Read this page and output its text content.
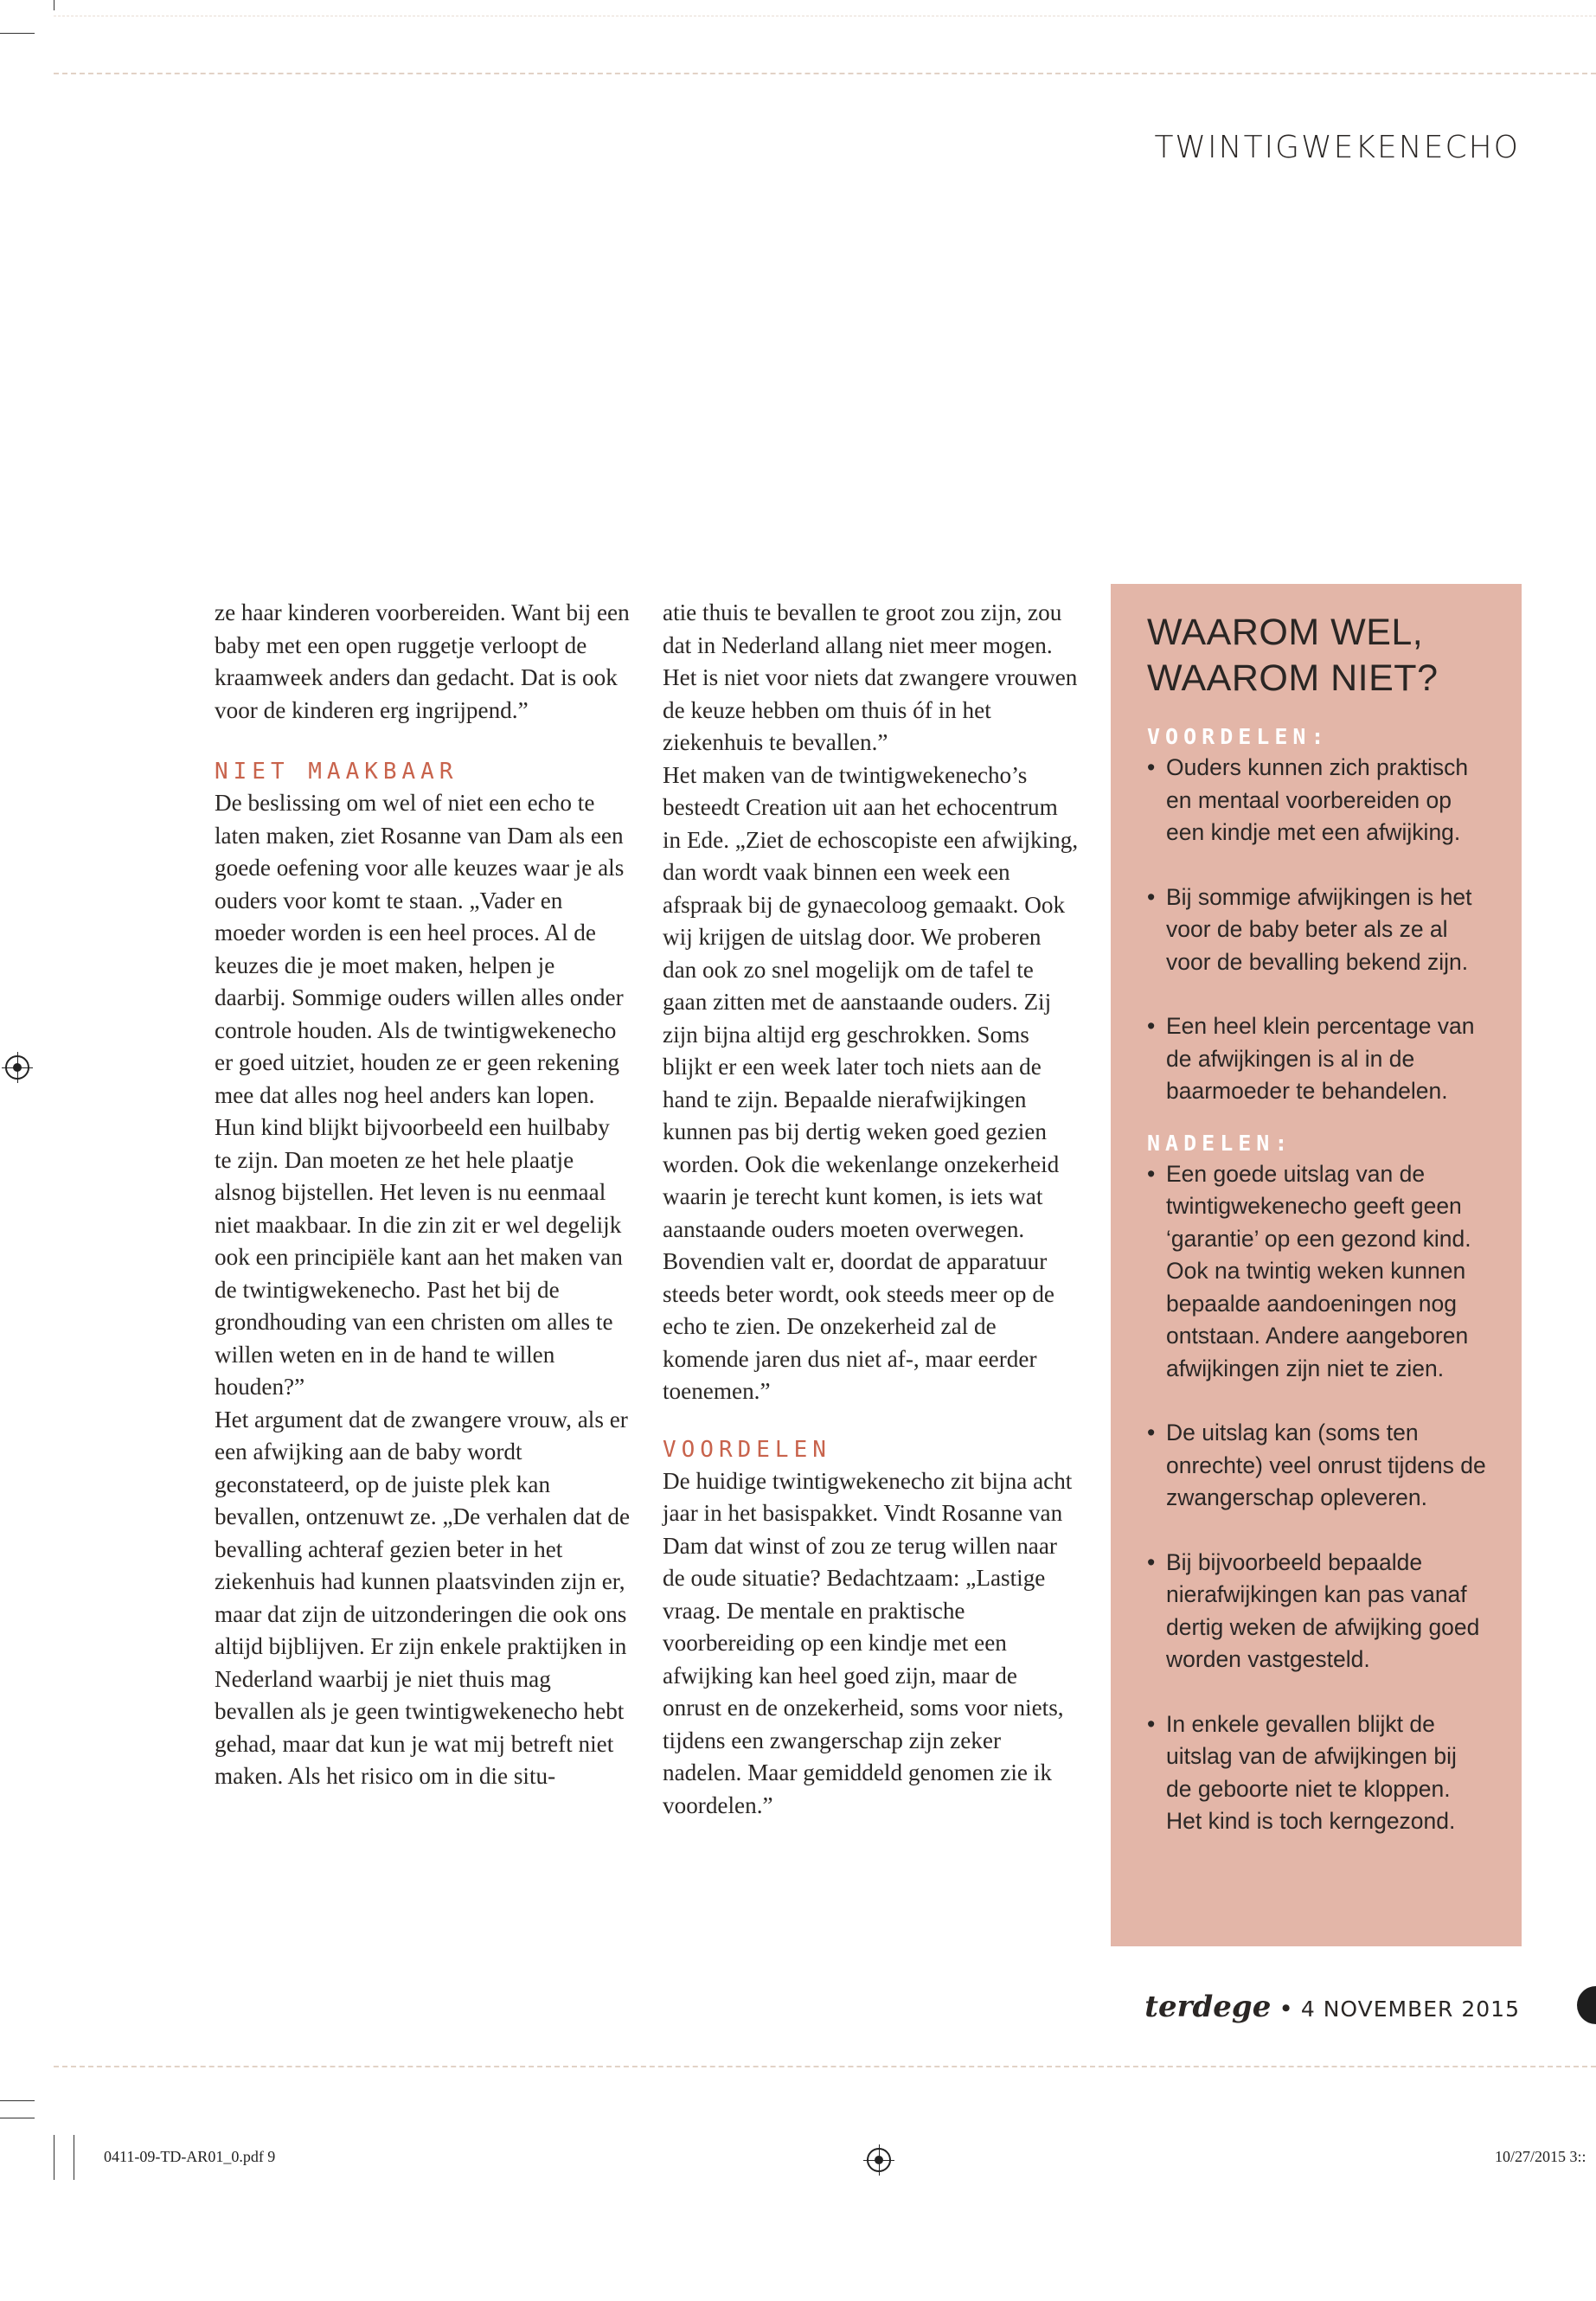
TWINTIGWEKENECHO

ze haar kinderen voorbereiden. Want bij een baby met een open ruggetje verloopt de kraamweek anders dan gedacht. Dat is ook voor de kinderen erg ingrijpend.”

NIET MAAKBAAR

De beslissing om wel of niet een echo te laten maken, ziet Rosanne van Dam als een goede oefening voor alle keuzes waar je als ouders voor komt te staan. „Vader en moeder worden is een heel proces. Al de keuzes die je moet maken, helpen je daarbij. Sommige ouders willen alles onder controle houden. Als de twintigwekenecho er goed uitziet, houden ze er geen rekening mee dat alles nog heel anders kan lopen. Hun kind blijkt bijvoorbeeld een huilbaby te zijn. Dan moeten ze het hele plaatje alsnog bijstellen. Het leven is nu eenmaal niet maakbaar. In die zin zit er wel degelijk ook een principiële kant aan het maken van de twintigwekenecho. Past het bij de grondhouding van een christen om alles te willen weten en in de hand te willen houden?”

Het argument dat de zwangere vrouw, als er een afwijking aan de baby wordt geconstateerd, op de juiste plek kan bevallen, ontzenuwt ze. „De verhalen dat de bevalling achteraf gezien beter in het ziekenhuis had kunnen plaatsvinden zijn er, maar dat zijn de uitzonderingen die ook ons altijd bijblijven. Er zijn enkele praktijken in Nederland waarbij je niet thuis mag bevallen als je geen twintigwekenecho hebt gehad, maar dat kun je wat mij betreft niet maken. Als het risico om in die situ-

atie thuis te bevallen te groot zou zijn, zou dat in Nederland allang niet meer mogen. Het is niet voor niets dat zwangere vrouwen de keuze hebben om thuis óf in het ziekenhuis te bevallen.”

Het maken van de twintigwekenecho’s besteedt Creation uit aan het echocentrum in Ede. „Ziet de echoscopiste een afwijking, dan wordt vaak binnen een week een afspraak bij de gynaecoloog gemaakt. Ook wij krijgen de uitslag door. We proberen dan ook zo snel mogelijk om de tafel te gaan zitten met de aanstaande ouders. Zij zijn bijna altijd erg geschrokken. Soms blijkt er een week later toch niets aan de hand te zijn. Bepaalde nierafwijkingen kunnen pas bij dertig weken goed gezien worden. Ook die wekenlange onzekerheid waarin je terecht kunt komen, is iets wat aanstaande ouders moeten overwegen. Bovendien valt er, doordat de apparatuur steeds beter wordt, ook steeds meer op de echo te zien. De onzekerheid zal de komende jaren dus niet af-, maar eerder toenemen.”

VOORDELEN

De huidige twintigwekenecho zit bijna acht jaar in het basispakket. Vindt Rosanne van Dam dat winst of zou ze terug willen naar de oude situatie? Bedachtzaam: „Lastige vraag. De mentale en praktische voorbereiding op een kindje met een afwijking kan heel goed zijn, maar de onrust en de onzekerheid, soms voor niets, tijdens een zwangerschap zijn zeker nadelen. Maar gemiddeld genomen zie ik voordelen.”

WAAROM WEL,
WAAROM NIET?
VOORDELEN:
• Ouders kunnen zich praktisch en mentaal voorbereiden op een kindje met een afwijking.
• Bij sommige afwijkingen is het voor de baby beter als ze al voor de bevalling bekend zijn.
• Een heel klein percentage van de afwijkingen is al in de baarmoeder te behandelen.
NADELEN:
• Een goede uitslag van de twintigwekenecho geeft geen ‘garantie’ op een gezond kind. Ook na twintig weken kunnen bepaalde aandoeningen nog ontstaan. Andere aangeboren afwijkingen zijn niet te zien.
• De uitslag kan (soms ten onrechte) veel onrust tijdens de zwangerschap opleveren.
• Bij bijvoorbeeld bepaalde nierafwijkingen kan pas vanaf dertig weken de afwijking goed worden vastgesteld.
• In enkele gevallen blijkt de uitslag van de afwijkingen bij de geboorte niet te kloppen. Het kind is toch kerngezond.
terdege • 4 NOVEMBER 2015
0411-09-TD-AR01_0.pdf 9	10/27/2015 3::
